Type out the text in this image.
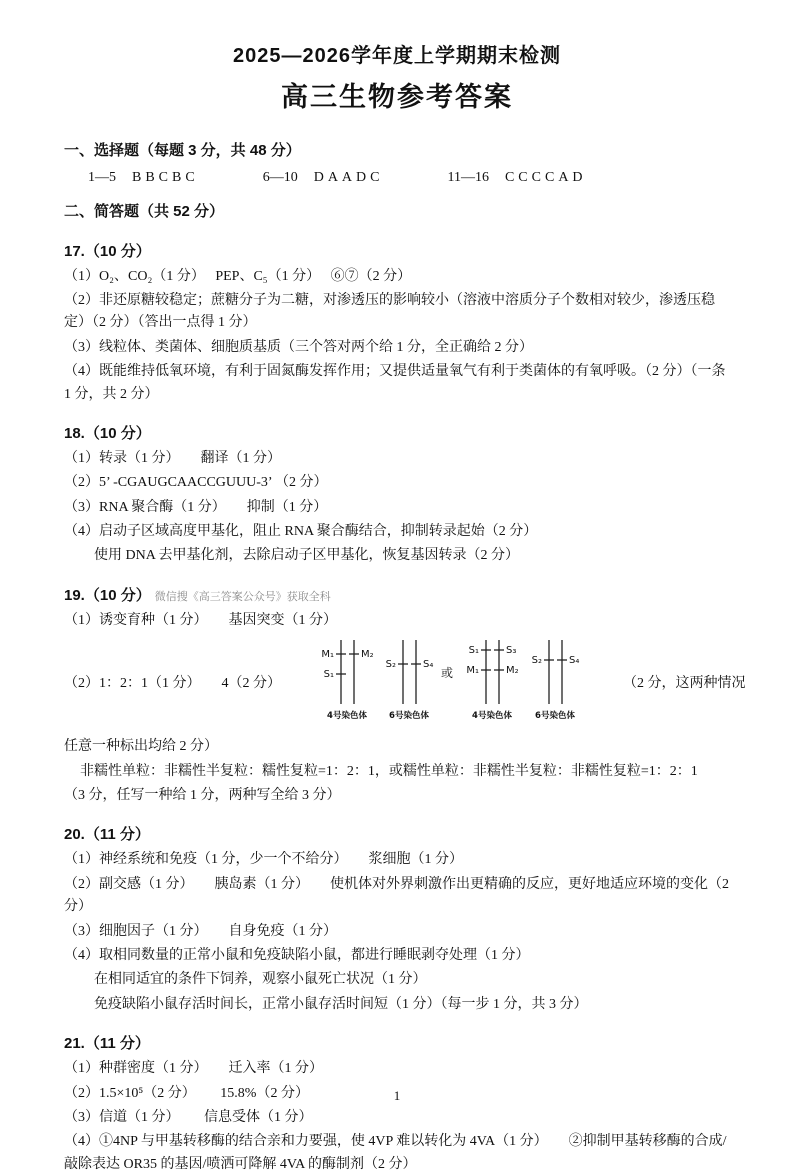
2025—2026学年度上学期期末检测
高三生物参考答案

一、选择题（每题 3 分，共 48 分）

1—5 BBCBC	6—10 DAADC	11—16 CCCCAD

二、简答题（共 52 分）

17.（10 分）

（1）O₂、CO₂（1 分）　 PEP、C₅（1 分）　 ⑥⑦（2 分）

（2）非还原糖较稳定；蔗糖分子为二糖，对渗透压的影响较小（溶液中溶质分子个数相对较少，渗透压稳定）（2 分）（答出一点得 1 分）

（3）线粒体、类菌体、细胞质基质（三个答对两个给 1 分，全正确给 2 分）

（4）既能维持低氧环境，有利于固氮酶发挥作用；又提供适量氧气有利于类菌体的有氧呼吸。（2 分）（一条 1 分，共 2 分）

18.（10 分）

（1）转录（1 分）　　翻译（1 分）

（2）5’ -CGAUGCAACCGUUU-3’ （2 分）

（3）RNA 聚合酶（1 分）　　抑制（1 分）

（4）启动子区域高度甲基化，阻止 RNA 聚合酶结合，抑制转录起始（2 分）

使用 DNA 去甲基化剂，去除启动子区甲基化，恢复基因转录（2 分）

19.（10 分） 微信搜《高三答案公众号》获取全科

（1）诱变育种（1 分）　　基因突变（1 分）

（2）1：2：1（1 分）　　4（2 分）
M₁	M₂
S₁
4号染色体
S₂	S₄
6号染色体
或
S₁	S₃
M₁	M₂
4号染色体
S₂	S₄
6号染色体
（2 分，这两种情况

任意一种标出均给 2 分）

非糯性单粒：非糯性半复粒：糯性复粒=1：2：1，或糯性单粒：非糯性半复粒：非糯性复粒=1：2：1

（3 分，任写一种给 1 分，两种写全给 3 分）

20.（11 分）

（1）神经系统和免疫（1 分，少一个不给分）　　浆细胞（1 分）

（2）副交感（1 分）　　胰岛素（1 分）　　使机体对外界刺激作出更精确的反应，更好地适应环境的变化（2 分）

（3）细胞因子（1 分）　　自身免疫（1 分）

（4）取相同数量的正常小鼠和免疫缺陷小鼠，都进行睡眠剥夺处理（1 分）

在相同适宜的条件下饲养，观察小鼠死亡状况（1 分）

免疫缺陷小鼠存活时间长，正常小鼠存活时间短（1 分）（每一步 1 分，共 3 分）

21.（11 分）

（1）种群密度（1 分）　　迁入率（1 分）

（2）1.5×10⁵（2 分）　　 15.8%（2 分）

（3）信道（1 分）　　 信息受体（1 分）

（4）①4NP 与甲基转移酶的结合亲和力要强，使 4VP 难以转化为 4VA（1 分）　　②抑制甲基转移酶的合成/敲除表达 OR35 的基因/喷洒可降解 4VA 的酶制剂（2 分）

1
